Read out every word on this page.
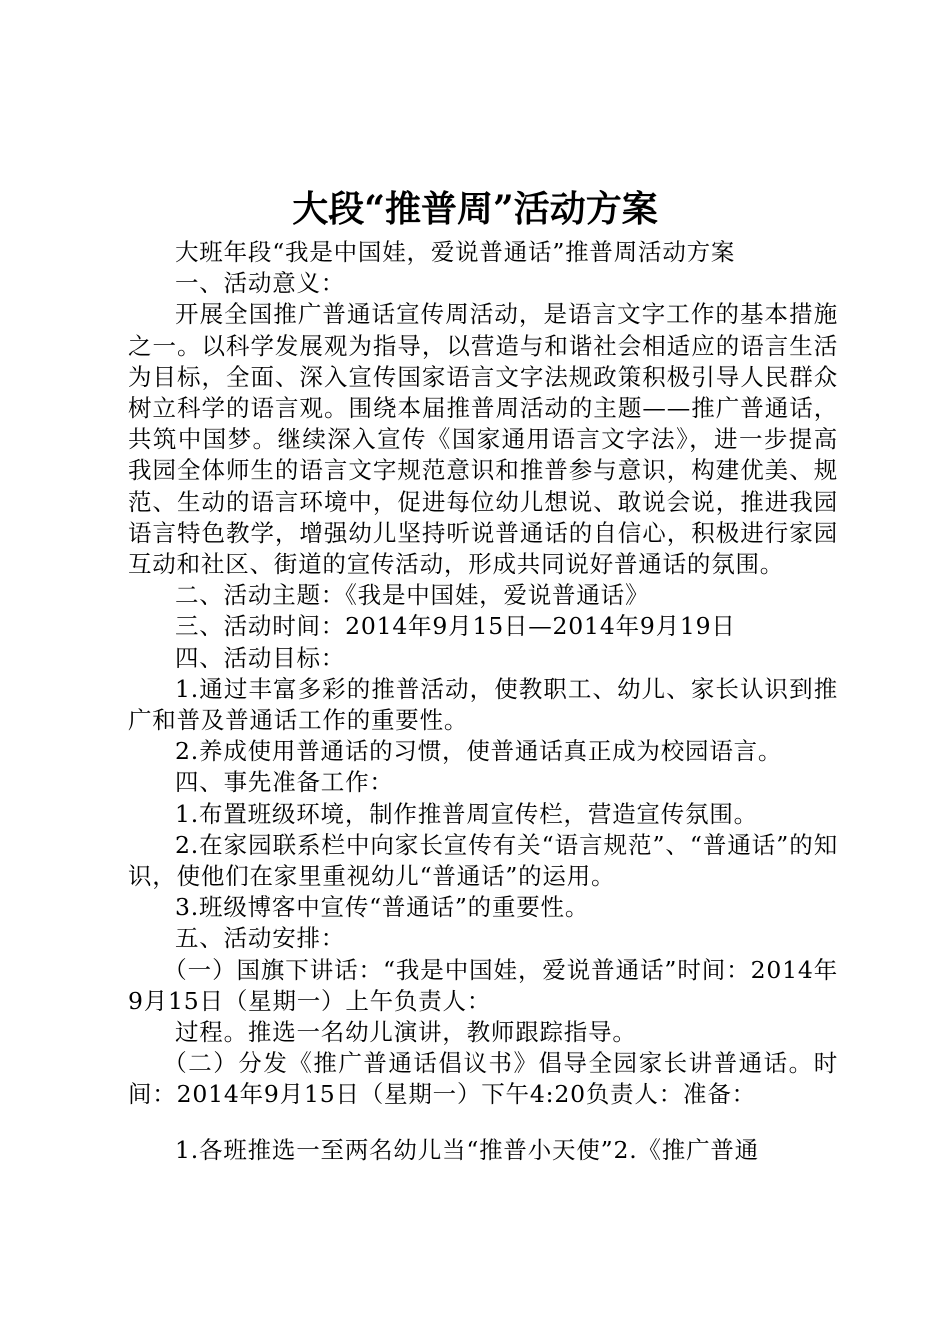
大段“推普周”活动方案

大班年段“我是中国娃，爱说普通话”推普周活动方案

一、活动意义：

开展全国推广普通话宣传周活动，是语言文字工作的基本措施之一。以科学发展观为指导，以营造与和谐社会相适应的语言生活为目标，全面、深入宣传国家语言文字法规政策积极引导人民群众树立科学的语言观。围绕本届推普周活动的主题——推广普通话，共筑中国梦。继续深入宣传《国家通用语言文字法》，进一步提高我园全体师生的语言文字规范意识和推普参与意识，构建优美、规范、生动的语言环境中，促进每位幼儿想说、敢说会说，推进我园语言特色教学，增强幼儿坚持听说普通话的自信心，积极进行家园互动和社区、街道的宣传活动，形成共同说好普通话的氛围。

二、活动主题：《我是中国娃，爱说普通话》

三、活动时间：2014年9月15日—2014年9月19日

四、活动目标：

1.通过丰富多彩的推普活动，使教职工、幼儿、家长认识到推广和普及普通话工作的重要性。

2.养成使用普通话的习惯，使普通话真正成为校园语言。

四、事先准备工作：

1.布置班级环境，制作推普周宣传栏，营造宣传氛围。

2.在家园联系栏中向家长宣传有关“语言规范”、“普通话”的知识，使他们在家里重视幼儿“普通话”的运用。

3.班级博客中宣传“普通话”的重要性。

五、活动安排：

（一）国旗下讲话：“我是中国娃，爱说普通话”时间：2014年9月15日（星期一）上午负责人：

过程。推选一名幼儿演讲，教师跟踪指导。

（二）分发《推广普通话倡议书》倡导全园家长讲普通话。时间：2014年9月15日（星期一）下午4:20负责人：准备：

1.各班推选一至两名幼儿当“推普小天使”2.《推广普通
